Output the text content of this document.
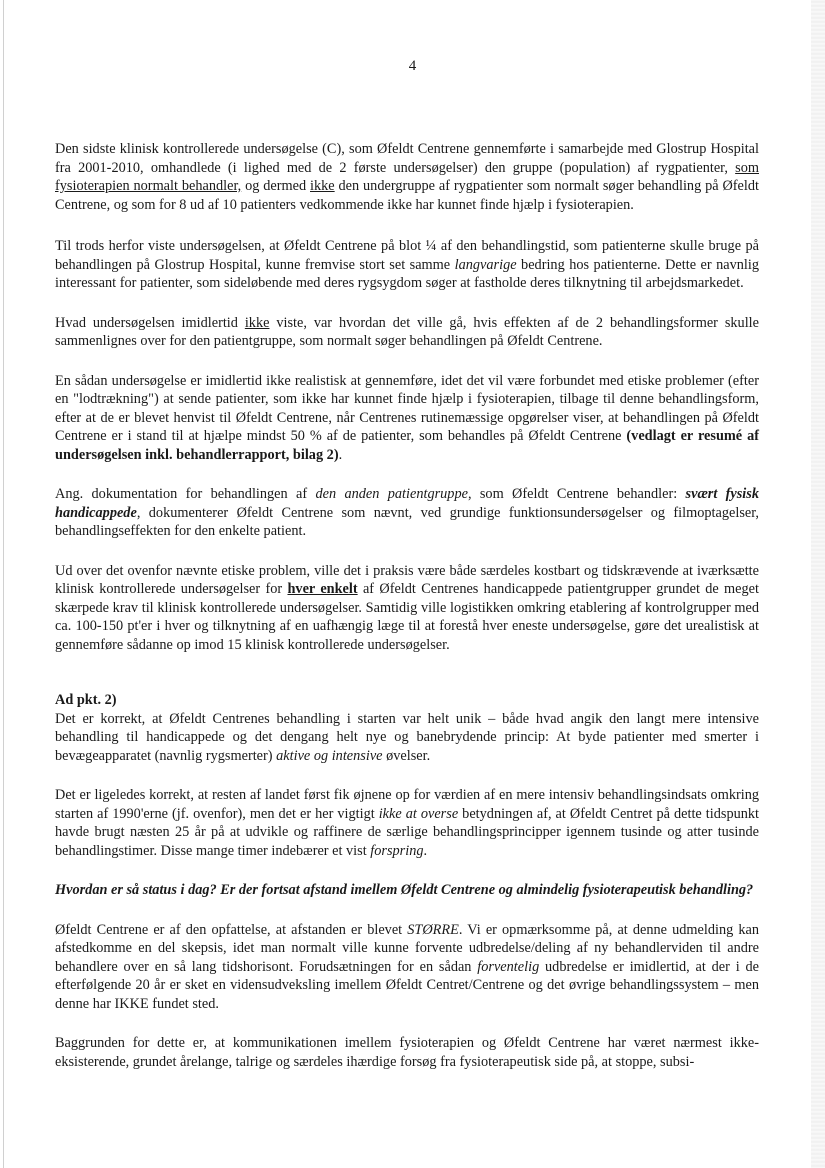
4

Den sidste klinisk kontrollerede undersøgelse (C), som Øfeldt Centrene gennemførte i samarbejde med Glostrup Hospital fra 2001-2010, omhandlede (i lighed med de 2 første undersøgelser) den gruppe (population) af rygpatienter, som fysioterapien normalt behandler, og dermed ikke den undergruppe af rygpatienter som normalt søger behandling på Øfeldt Centrene, og som for 8 ud af 10 patienters vedkommende ikke har kunnet finde hjælp i fysioterapien.

Til trods herfor viste undersøgelsen, at Øfeldt Centrene på blot ¼ af den behandlingstid, som patienterne skulle bruge på behandlingen på Glostrup Hospital, kunne fremvise stort set samme langvarige bedring hos patienterne. Dette er navnlig interessant for patienter, som sideløbende med deres rygsygdom søger at fastholde deres tilknytning til arbejdsmarkedet.

Hvad undersøgelsen imidlertid ikke viste, var hvordan det ville gå, hvis effekten af de 2 behandlingsformer skulle sammenlignes over for den patientgruppe, som normalt søger behandlingen på Øfeldt Centrene.

En sådan undersøgelse er imidlertid ikke realistisk at gennemføre, idet det vil være forbundet med etiske problemer (efter en "lodtrækning") at sende patienter, som ikke har kunnet finde hjælp i fysioterapien, tilbage til denne behandlingsform, efter at de er blevet henvist til Øfeldt Centrene, når Centrenes rutinemæssige opgørelser viser, at behandlingen på Øfeldt Centrene er i stand til at hjælpe mindst 50 % af de patienter, som behandles på Øfeldt Centrene (vedlagt er resumé af undersøgelsen inkl. behandlerrapport, bilag 2).

Ang. dokumentation for behandlingen af den anden patientgruppe, som Øfeldt Centrene behandler: svært fysisk handicappede, dokumenterer Øfeldt Centrene som nævnt, ved grundige funktionsundersøgelser og filmoptagelser, behandlingseffekten for den enkelte patient.

Ud over det ovenfor nævnte etiske problem, ville det i praksis være både særdeles kostbart og tidskrævende at iværksætte klinisk kontrollerede undersøgelser for hver enkelt af Øfeldt Centrenes handicappede patientgrupper grundet de meget skærpede krav til klinisk kontrollerede undersøgelser. Samtidig ville logistikken omkring etablering af kontrolgrupper med ca. 100-150 pt'er i hver og tilknytning af en uafhængig læge til at forestå hver eneste undersøgelse, gøre det urealistisk at gennemføre sådanne op imod 15 klinisk kontrollerede undersøgelser.

Ad pkt. 2)

Det er korrekt, at Øfeldt Centrenes behandling i starten var helt unik – både hvad angik den langt mere intensive behandling til handicappede og det dengang helt nye og banebrydende princip: At byde patienter med smerter i bevægeapparatet (navnlig rygsmerter) aktive og intensive øvelser.

Det er ligeledes korrekt, at resten af landet først fik øjnene op for værdien af en mere intensiv behandlingsindsats omkring starten af 1990'erne (jf. ovenfor), men det er her vigtigt ikke at overse betydningen af, at Øfeldt Centret på dette tidspunkt havde brugt næsten 25 år på at udvikle og raffinere de særlige behandlingsprincipper igennem tusinde og atter tusinde behandlingstimer. Disse mange timer indebærer et vist forspring.

Hvordan er så status i dag? Er der fortsat afstand imellem Øfeldt Centrene og almindelig fysioterapeutisk behandling?

Øfeldt Centrene er af den opfattelse, at afstanden er blevet STØRRE. Vi er opmærksomme på, at denne udmelding kan afstedkomme en del skepsis, idet man normalt ville kunne forvente udbredelse/deling af ny behandlerviden til andre behandlere over en så lang tidshorisont. Forudsætningen for en sådan forventelig udbredelse er imidlertid, at der i de efterfølgende 20 år er sket en vidensudveksling imellem Øfeldt Centret/Centrene og det øvrige behandlingssystem – men denne har IKKE fundet sted.

Baggrunden for dette er, at kommunikationen imellem fysioterapien og Øfeldt Centrene har været nærmest ikke-eksisterende, grundet årelange, talrige og særdeles ihærdige forsøg fra fysioterapeutisk side på, at stoppe, subsi-
